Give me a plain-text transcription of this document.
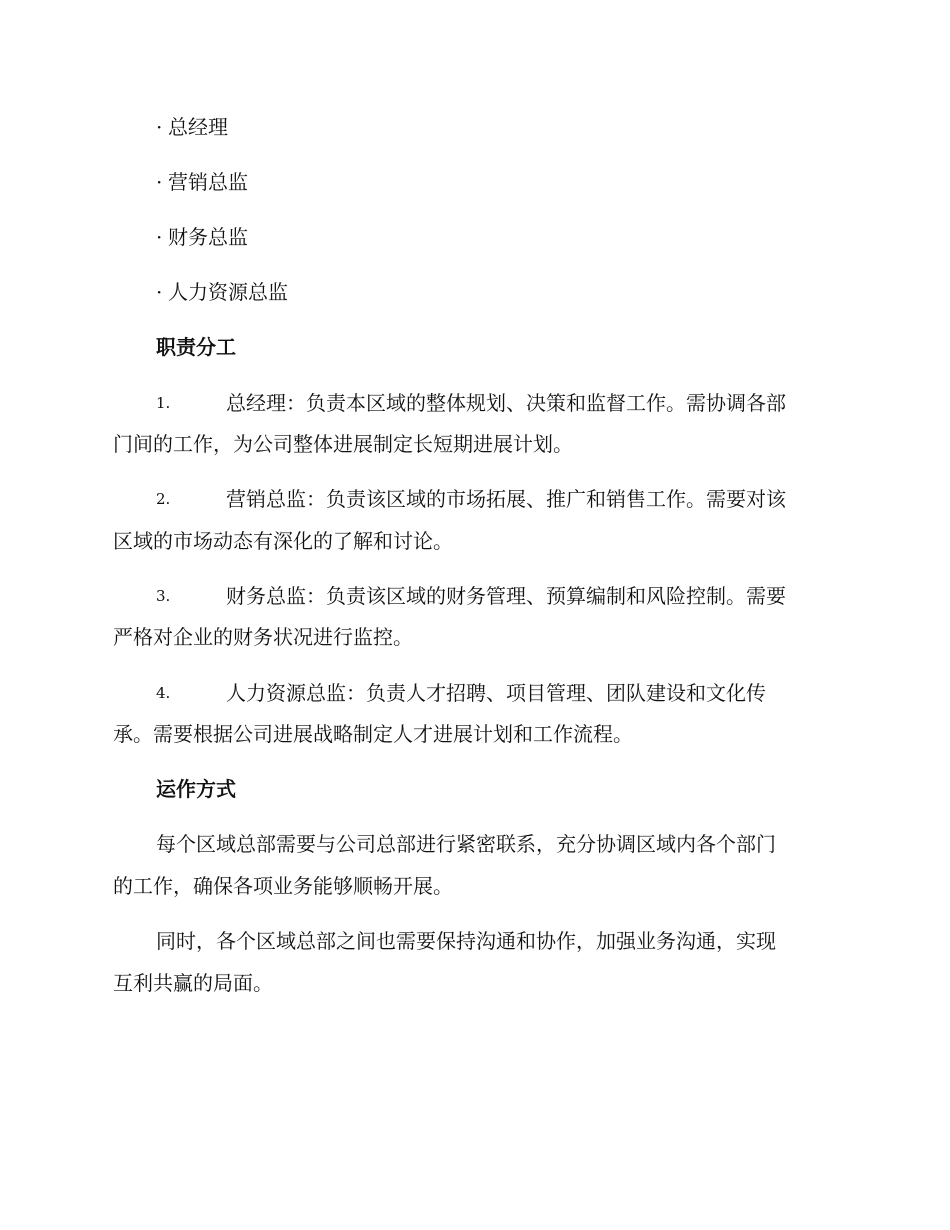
· 总经理
· 营销总监
· 财务总监
· 人力资源总监
职责分工
1.	总经理：负责本区域的整体规划、决策和监督工作。需协调各部
门间的工作，为公司整体进展制定长短期进展计划。
2.	营销总监：负责该区域的市场拓展、推广和销售工作。需要对该
区域的市场动态有深化的了解和讨论。
3.	财务总监：负责该区域的财务管理、预算编制和风险控制。需要
严格对企业的财务状况进行监控。
4.	人力资源总监：负责人才招聘、项目管理、团队建设和文化传
承。需要根据公司进展战略制定人才进展计划和工作流程。
运作方式
每个区域总部需要与公司总部进行紧密联系，充分协调区域内各个部门
的工作，确保各项业务能够顺畅开展。
同时，各个区域总部之间也需要保持沟通和协作，加强业务沟通，实现
互利共赢的局面。
